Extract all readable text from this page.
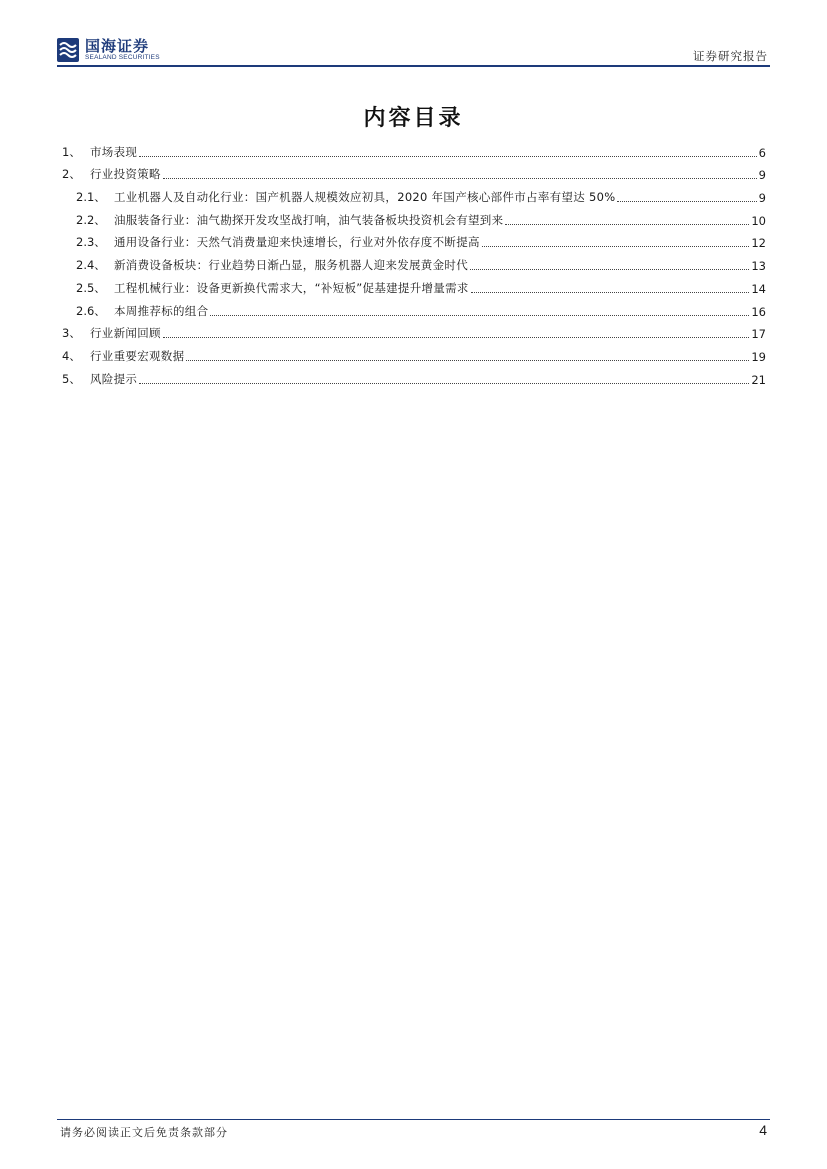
国海证券
SEALAND SECURITIES	证券研究报告
内容目录
1、 市场表现	6
2、 行业投资策略	9
2.1、 工业机器人及自动化行业：国产机器人规模效应初具，2020 年国产核心部件市占率有望达 50%	9
2.2、 油服装备行业：油气勘探开发攻坚战打响，油气装备板块投资机会有望到来	10
2.3、 通用设备行业：天然气消费量迎来快速增长，行业对外依存度不断提高	12
2.4、 新消费设备板块：行业趋势日渐凸显，服务机器人迎来发展黄金时代	13
2.5、 工程机械行业：设备更新换代需求大，“补短板”促基建提升增量需求	14
2.6、 本周推荐标的组合	16
3、 行业新闻回顾	17
4、 行业重要宏观数据	19
5、 风险提示	21
请务必阅读正文后免责条款部分	4
